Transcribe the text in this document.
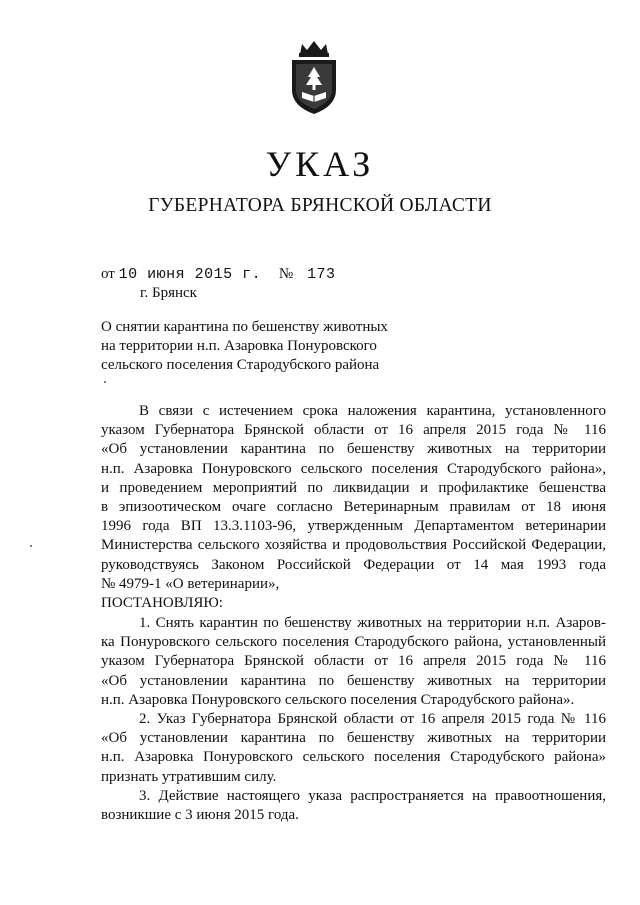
УКАЗ
ГУБЕРНАТОРА БРЯНСКОЙ ОБЛАСТИ
от 10 июня 2015 г. № 173
г. Брянск
О снятии карантина по бешенству животных
на территории н.п. Азаровка Понуровского
сельского поселения Стародубского района
В связи с истечением срока наложения карантина, установленного
указом Губернатора Брянской области от 16 апреля 2015 года № 116
«Об установлении карантина по бешенству животных на территории
н.п. Азаровка Понуровского сельского поселения Стародубского района»,
и проведением мероприятий по ликвидации и профилактике бешенства
в эпизоотическом очаге согласно Ветеринарным правилам от 18 июня
1996 года ВП 13.3.1103-96, утвержденным Департаментом ветеринарии
Министерства сельского хозяйства и продовольствия Российской Федерации,
руководствуясь Законом Российской Федерации от 14 мая 1993 года
№ 4979-1 «О ветеринарии»,
ПОСТАНОВЛЯЮ:
1. Снять карантин по бешенству животных на территории н.п. Азаров-
ка Понуровского сельского поселения Стародубского района, установленный
указом Губернатора Брянской области от 16 апреля 2015 года № 116
«Об установлении карантина по бешенству животных на территории
н.п. Азаровка Понуровского сельского поселения Стародубского района».
2. Указ Губернатора Брянской области от 16 апреля 2015 года № 116
«Об установлении карантина по бешенству животных на территории
н.п. Азаровка Понуровского сельского поселения Стародубского района»
признать утратившим силу.
3. Действие настоящего указа распространяется на правоотношения,
возникшие с 3 июня 2015 года.
